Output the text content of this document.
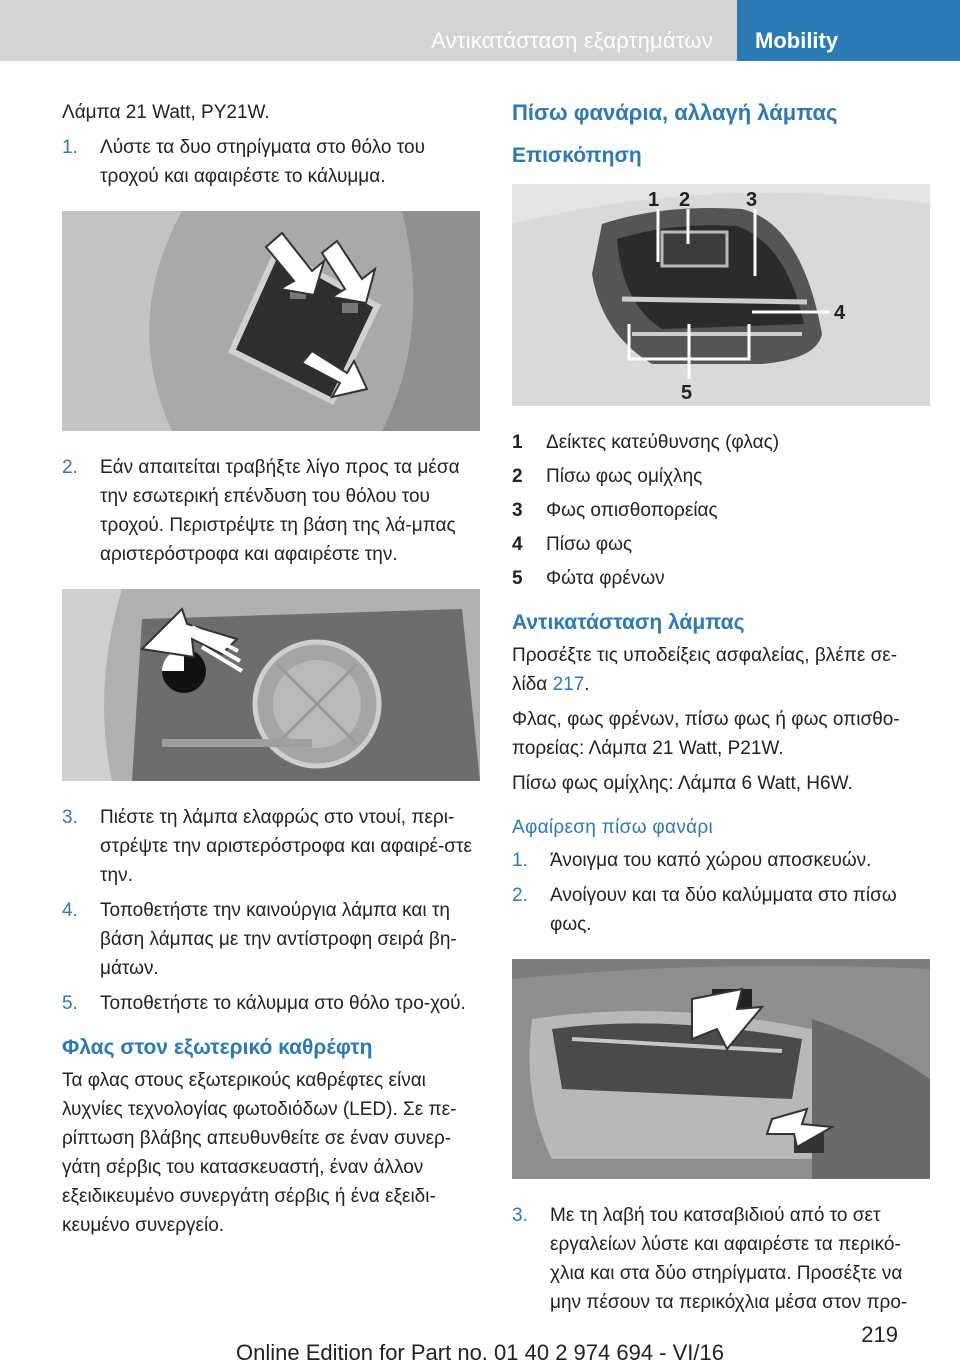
Αντικατάσταση εξαρτημάτων Mobility

Λάμπα 21 Watt, PY21W.

1.	Λύστε τα δυο στηρίγματα στο θόλο του τροχού και αφαιρέστε το κάλυμμα.
2.	Εάν απαιτείται τραβήξτε λίγο προς τα μέσα την εσωτερική επένδυση του θόλου του τροχού. Περιστρέψτε τη βάση της λά-μπας αριστερόστροφα και αφαιρέστε την.
3.	Πιέστε τη λάμπα ελαφρώς στο ντουί, περι-στρέψτε την αριστερόστροφα και αφαιρέ-στε την.
4.	Τοποθετήστε την καινούργια λάμπα και τη βάση λάμπας με την αντίστροφη σειρά βη-μάτων.
5.	Τοποθετήστε το κάλυμμα στο θόλο τρο-χού.
Φλας στον εξωτερικό καθρέφτη

Τα φλας στους εξωτερικούς καθρέφτες είναι λυχνίες τεχνολογίας φωτοδιόδων (LED). Σε πε-ρίπτωση βλάβης απευθυνθείτε σε έναν συνερ-γάτη σέρβις του κατασκευαστή, έναν άλλον εξειδικευμένο συνεργάτη σέρβις ή ένα εξειδι-κευμένο συνεργείο.

Πίσω φανάρια, αλλαγή λάμπας
Επισκόπηση
1 2	3
4
5
1	Δείκτες κατεύθυνσης (φλας)
2	Πίσω φως ομίχλης
3	Φως οπισθοπορείας
4	Πίσω φως
5	Φώτα φρένων
Αντικατάσταση λάμπας

Προσέξτε τις υποδείξεις ασφαλείας, βλέπε σε-λίδα 217.

Φλας, φως φρένων, πίσω φως ή φως οπισθο-πορείας: Λάμπα 21 Watt, P21W.

Πίσω φως ομίχλης: Λάμπα 6 Watt, H6W.

Αφαίρεση πίσω φανάρι
1.	Άνοιγμα του καπό χώρου αποσκευών.
2.	Ανοίγουν και τα δύο καλύμματα στο πίσω φως.
3.	Με τη λαβή του κατσαβιδιού από το σετ εργαλείων λύστε και αφαιρέστε τα περικό-χλια και στα δύο στηρίγματα. Προσέξτε να μην πέσουν τα περικόχλια μέσα στον προ-
219
Online Edition for Part no. 01 40 2 974 694 - VI/16
